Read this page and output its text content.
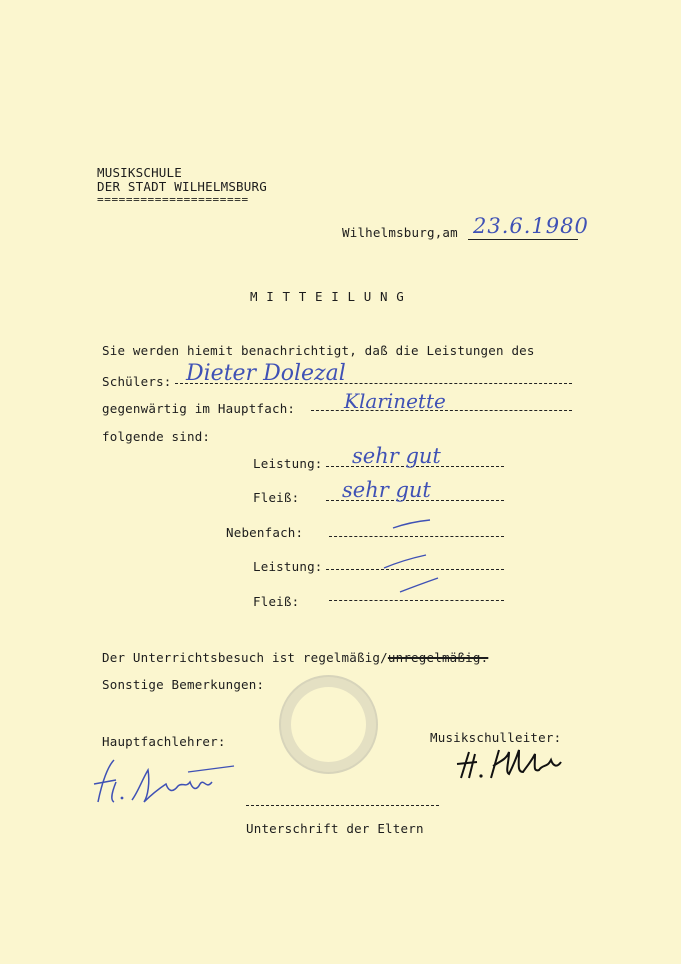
MUSIKSCHULE
DER STADT WILHELMSBURG
=====================
Wilhelmsburg,am 23.6.1980
M I T T E I L U N G
Sie werden hiemit benachrichtigt, daß die Leistungen des
Schülers: Dieter Dolezal
gegenwärtig im Hauptfach: Klarinette
folgende sind:
Leistung: sehr gut
Fleiß: sehr gut
Nebenfach:
Leistung:
Fleiß:
Der Unterrichtsbesuch ist regelmäßig/unregelmäßig.
Sonstige Bemerkungen:
Hauptfachlehrer:	Musikschulleiter:
Unterschrift der Eltern
